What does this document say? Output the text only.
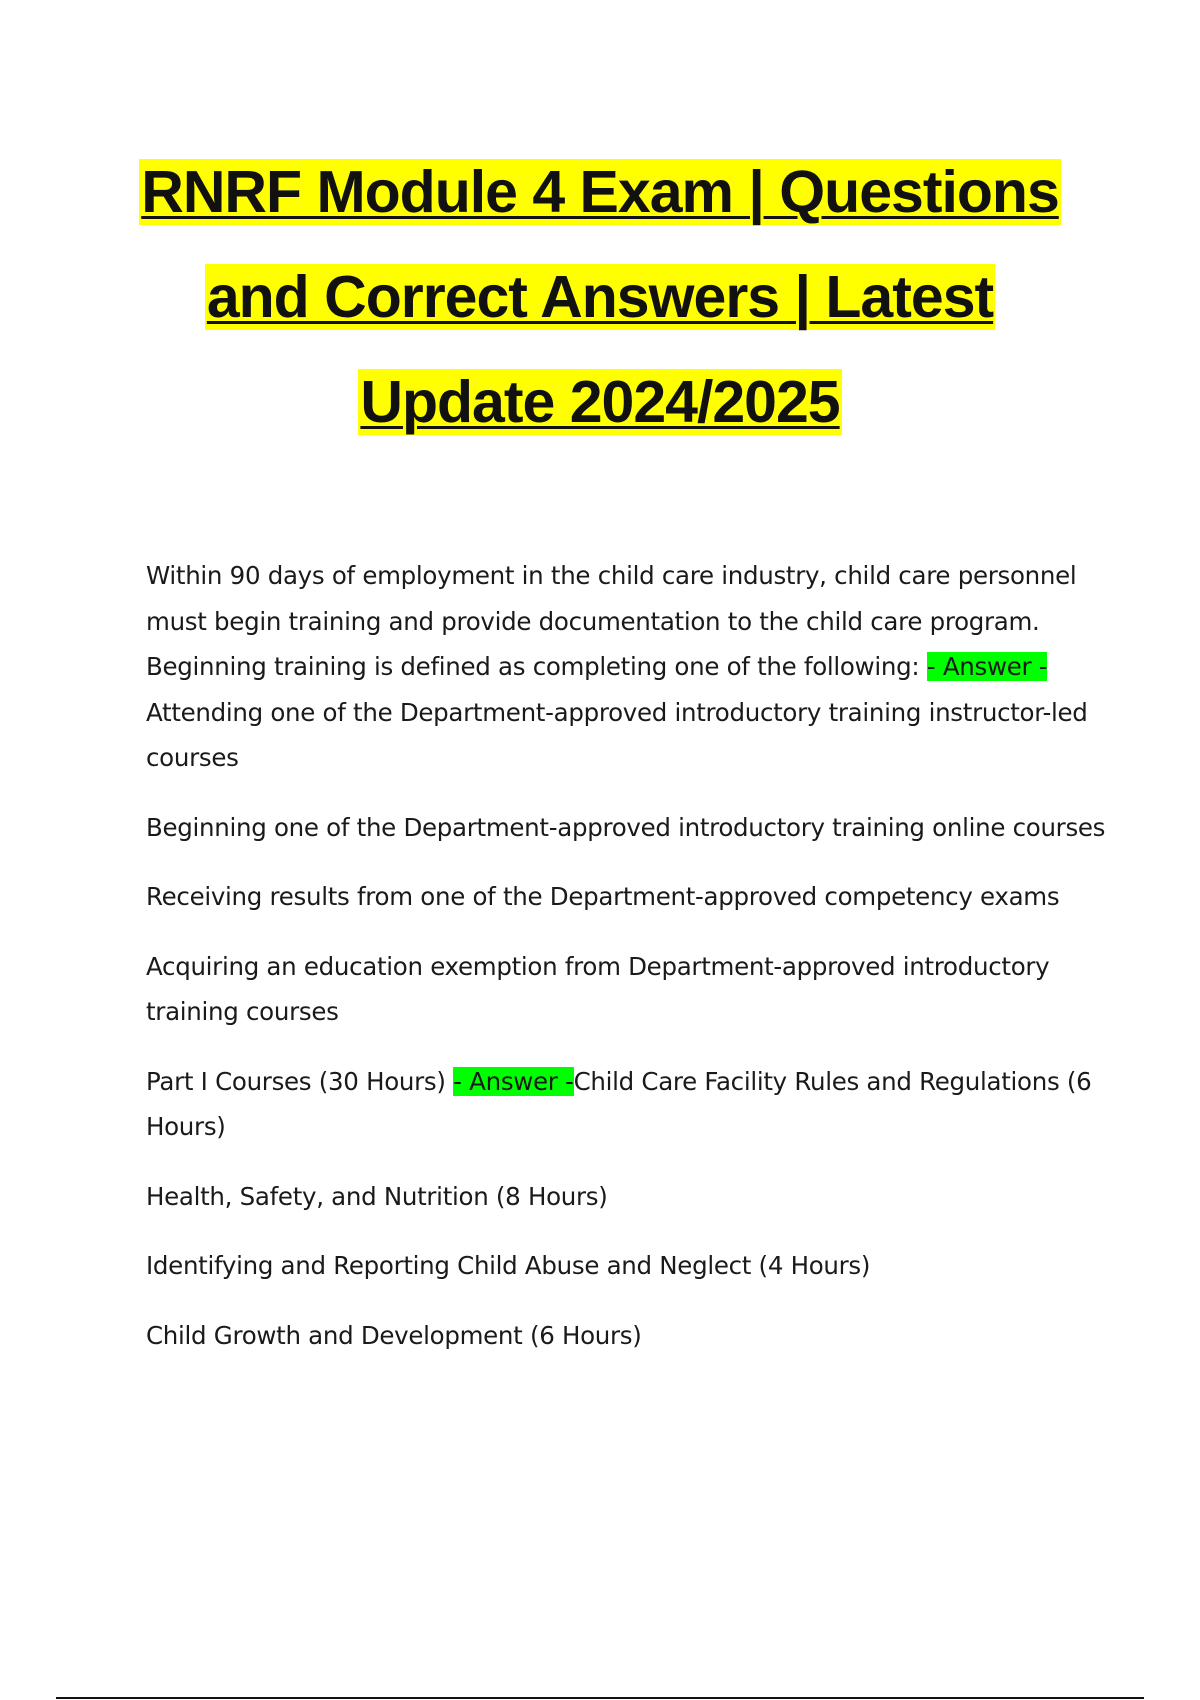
RNRF Module 4 Exam | Questions
and Correct Answers | Latest
Update 2024/2025

Within 90 days of employment in the child care industry, child care personnel must begin training and provide documentation to the child care program. Beginning training is defined as completing one of the following: - Answer -Attending one of the Department-approved introductory training instructor-led courses

Beginning one of the Department-approved introductory training online courses

Receiving results from one of the Department-approved competency exams

Acquiring an education exemption from Department-approved introductory training courses

Part I Courses (30 Hours) - Answer -Child Care Facility Rules and Regulations (6 Hours)

Health, Safety, and Nutrition (8 Hours)

Identifying and Reporting Child Abuse and Neglect (4 Hours)

Child Growth and Development (6 Hours)
